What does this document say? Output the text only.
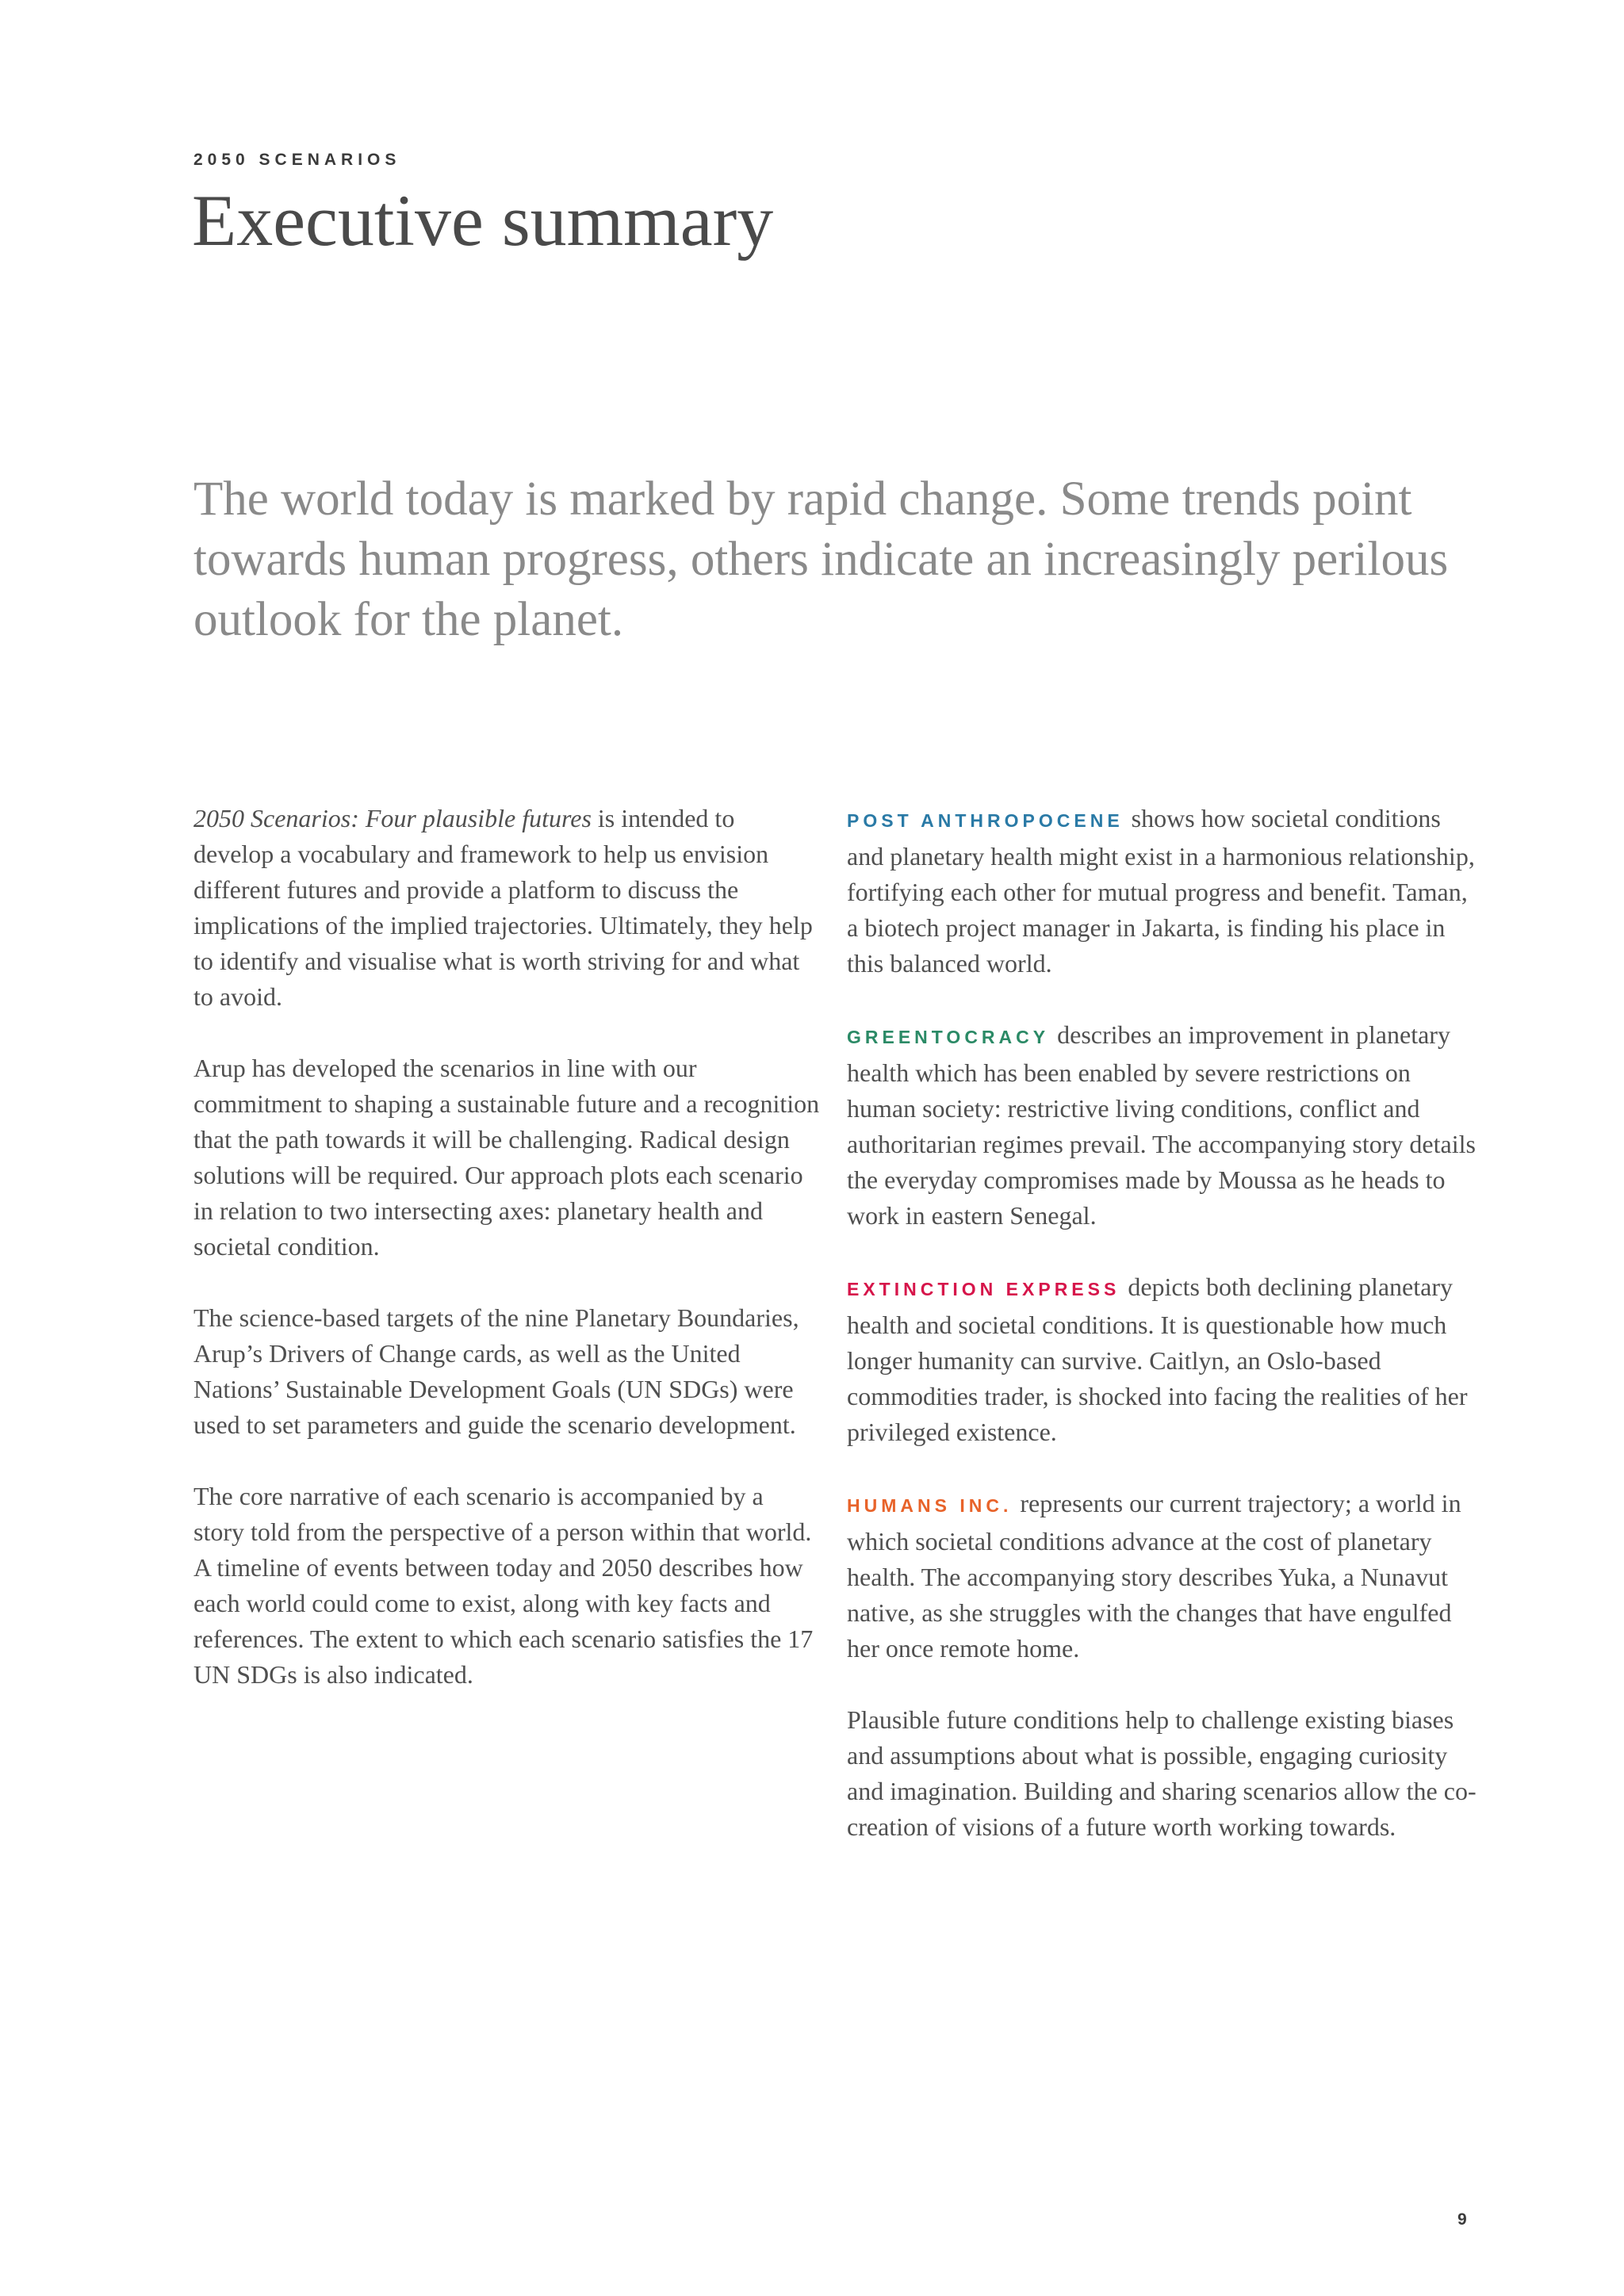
2050 SCENARIOS
Executive summary

The world today is marked by rapid change. Some trends point towards human progress, others indicate an increasingly perilous outlook for the planet.

2050 Scenarios: Four plausible futures is intended to develop a vocabulary and framework to help us envision different futures and provide a platform to discuss the implications of the implied trajectories. Ultimately, they help to identify and visualise what is worth striving for and what to avoid.

Arup has developed the scenarios in line with our commitment to shaping a sustainable future and a recognition that the path towards it will be challenging. Radical design solutions will be required. Our approach plots each scenario in relation to two intersecting axes: planetary health and societal condition.

The science-based targets of the nine Planetary Boundaries, Arup’s Drivers of Change cards, as well as the United Nations’ Sustainable Development Goals (UN SDGs) were used to set parameters and guide the scenario development.

The core narrative of each scenario is accompanied by a story told from the perspective of a person within that world. A timeline of events between today and 2050 describes how each world could come to exist, along with key facts and references. The extent to which each scenario satisfies the 17 UN SDGs is also indicated.

POST ANTHROPOCENE shows how societal conditions and planetary health might exist in a harmonious relationship, fortifying each other for mutual progress and benefit. Taman, a biotech project manager in Jakarta, is finding his place in this balanced world.

GREENTOCRACY describes an improvement in planetary health which has been enabled by severe restrictions on human society: restrictive living conditions, conflict and authoritarian regimes prevail. The accompanying story details the everyday compromises made by Moussa as he heads to work in eastern Senegal.

EXTINCTION EXPRESS depicts both declining planetary health and societal conditions. It is questionable how much longer humanity can survive. Caitlyn, an Oslo-based commodities trader, is shocked into facing the realities of her privileged existence.

HUMANS INC. represents our current trajectory; a world in which societal conditions advance at the cost of planetary health. The accompanying story describes Yuka, a Nunavut native, as she struggles with the changes that have engulfed her once remote home.

Plausible future conditions help to challenge existing biases and assumptions about what is possible, engaging curiosity and imagination. Building and sharing scenarios allow the co-creation of visions of a future worth working towards.

9
